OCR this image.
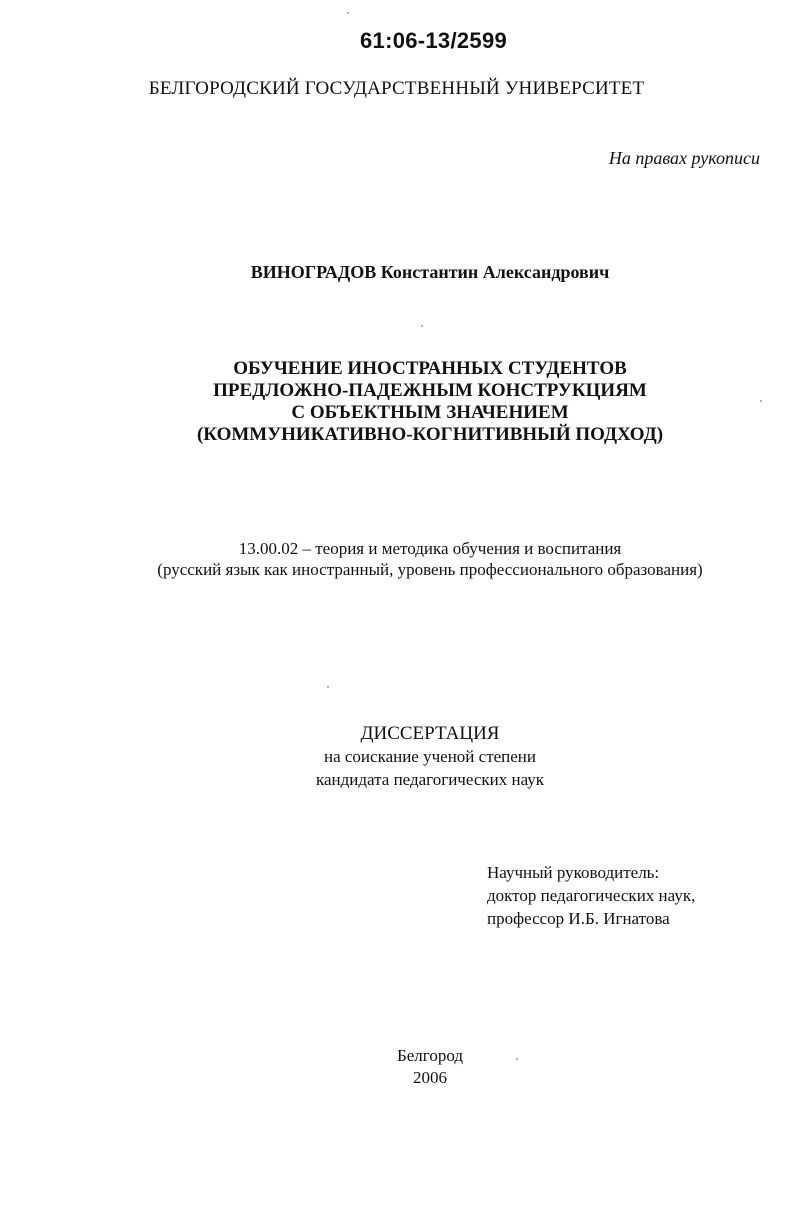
61:06-13/2599
БЕЛГОРОДСКИЙ ГОСУДАРСТВЕННЫЙ УНИВЕРСИТЕТ
На правах рукописи
ВИНОГРАДОВ Константин Александрович
ОБУЧЕНИЕ ИНОСТРАННЫХ СТУДЕНТОВ
ПРЕДЛОЖНО-ПАДЕЖНЫМ КОНСТРУКЦИЯМ
С ОБЪЕКТНЫМ ЗНАЧЕНИЕМ
(КОММУНИКАТИВНО-КОГНИТИВНЫЙ ПОДХОД)
13.00.02 – теория и методика обучения и воспитания
(русский язык как иностранный, уровень профессионального образования)
ДИССЕРТАЦИЯ
на соискание ученой степени
кандидата педагогических наук
Научный руководитель:
доктор педагогических наук,
профессор И.Б. Игнатова
Белгород
2006
